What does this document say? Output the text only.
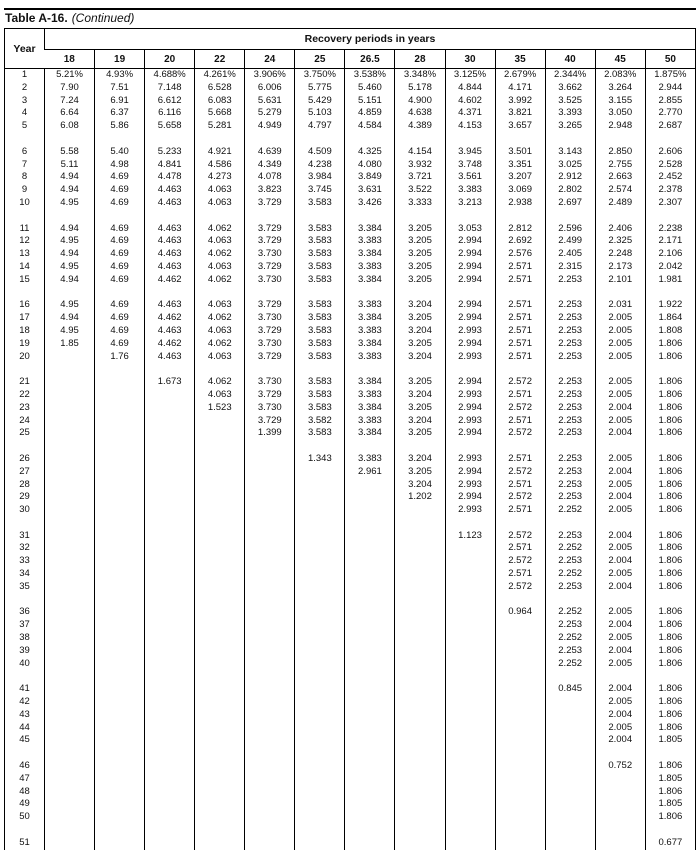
Table A-16. (Continued)
Year	Recovery periods in years												
	18	19	20	22	24	25	26.5	28	30	35	40	45	50
1	5.21%	4.93%	4.688%	4.261%	3.906%	3.750%	3.538%	3.348%	3.125%	2.679%	2.344%	2.083%	1.875%
2	7.90	7.51	7.148	6.528	6.006	5.775	5.460	5.178	4.844	4.171	3.662	3.264	2.944
3	7.24	6.91	6.612	6.083	5.631	5.429	5.151	4.900	4.602	3.992	3.525	3.155	2.855
4	6.64	6.37	6.116	5.668	5.279	5.103	4.859	4.638	4.371	3.821	3.393	3.050	2.770
5	6.08	5.86	5.658	5.281	4.949	4.797	4.584	4.389	4.153	3.657	3.265	2.948	2.687

6	5.58	5.40	5.233	4.921	4.639	4.509	4.325	4.154	3.945	3.501	3.143	2.850	2.606
7	5.11	4.98	4.841	4.586	4.349	4.238	4.080	3.932	3.748	3.351	3.025	2.755	2.528
8	4.94	4.69	4.478	4.273	4.078	3.984	3.849	3.721	3.561	3.207	2.912	2.663	2.452
9	4.94	4.69	4.463	4.063	3.823	3.745	3.631	3.522	3.383	3.069	2.802	2.574	2.378
10	4.95	4.69	4.463	4.063	3.729	3.583	3.426	3.333	3.213	2.938	2.697	2.489	2.307

11	4.94	4.69	4.463	4.062	3.729	3.583	3.384	3.205	3.053	2.812	2.596	2.406	2.238
12	4.95	4.69	4.463	4.063	3.729	3.583	3.383	3.205	2.994	2.692	2.499	2.325	2.171
13	4.94	4.69	4.463	4.062	3.730	3.583	3.384	3.205	2.994	2.576	2.405	2.248	2.106
14	4.95	4.69	4.463	4.063	3.729	3.583	3.383	3.205	2.994	2.571	2.315	2.173	2.042
15	4.94	4.69	4.462	4.062	3.730	3.583	3.384	3.205	2.994	2.571	2.253	2.101	1.981

16	4.95	4.69	4.463	4.063	3.729	3.583	3.383	3.204	2.994	2.571	2.253	2.031	1.922
17	4.94	4.69	4.462	4.062	3.730	3.583	3.384	3.205	2.994	2.571	2.253	2.005	1.864
18	4.95	4.69	4.463	4.063	3.729	3.583	3.383	3.204	2.993	2.571	2.253	2.005	1.808
19	1.85	4.69	4.462	4.062	3.730	3.583	3.384	3.205	2.994	2.571	2.253	2.005	1.806
20		1.76	4.463	4.063	3.729	3.583	3.383	3.204	2.993	2.571	2.253	2.005	1.806

21			1.673	4.062	3.730	3.583	3.384	3.205	2.994	2.572	2.253	2.005	1.806
22				4.063	3.729	3.583	3.383	3.204	2.993	2.571	2.253	2.005	1.806
23				1.523	3.730	3.583	3.384	3.205	2.994	2.572	2.253	2.004	1.806
24					3.729	3.582	3.383	3.204	2.993	2.571	2.253	2.005	1.806
25					1.399	3.583	3.384	3.205	2.994	2.572	2.253	2.004	1.806

26						1.343	3.383	3.204	2.993	2.571	2.253	2.005	1.806
27							2.961	3.205	2.994	2.572	2.253	2.004	1.806
28								3.204	2.993	2.571	2.253	2.005	1.806
29								1.202	2.994	2.572	2.253	2.004	1.806
30									2.993	2.571	2.252	2.005	1.806

31									1.123	2.572	2.253	2.004	1.806
32										2.571	2.252	2.005	1.806
33										2.572	2.253	2.004	1.806
34										2.571	2.252	2.005	1.806
35										2.572	2.253	2.004	1.806

36										0.964	2.252	2.005	1.806
37											2.253	2.004	1.806
38											2.252	2.005	1.806
39											2.253	2.004	1.806
40											2.252	2.005	1.806

41											0.845	2.004	1.806
42												2.005	1.806
43												2.004	1.806
44												2.005	1.806
45												2.004	1.805

46												0.752	1.806
47													1.805
48													1.806
49													1.805
50													1.806

51													0.677
